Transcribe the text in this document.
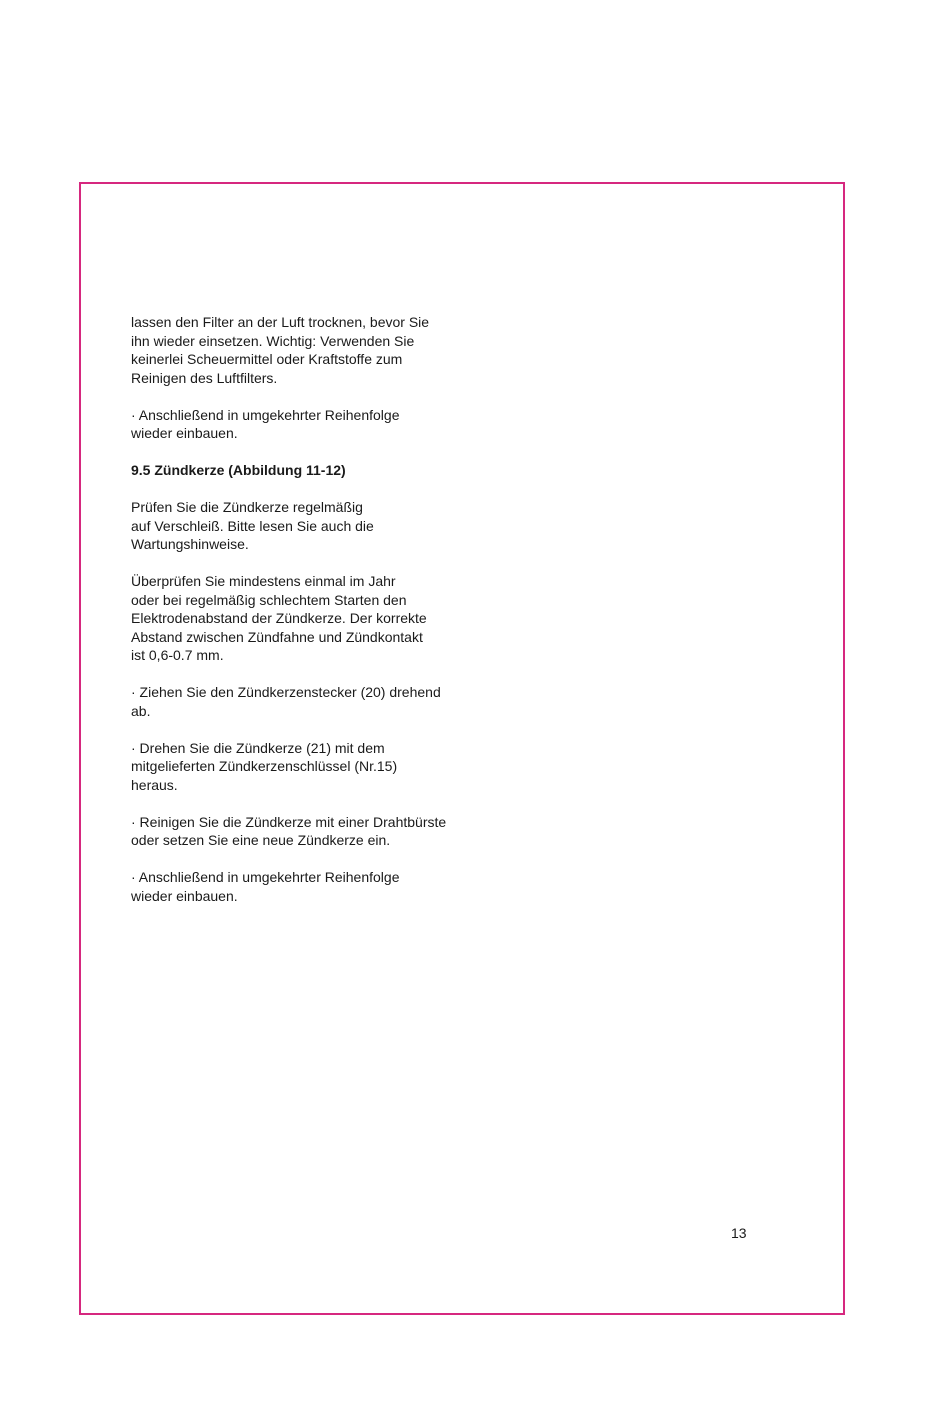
lassen den Filter an der Luft trocknen, bevor Sie
ihn wieder einsetzen. Wichtig: Verwenden Sie
keinerlei Scheuermittel oder Kraftstoffe zum
Reinigen des Luftfilters.

· Anschließend in umgekehrter Reihenfolge
wieder einbauen.

9.5 Zündkerze (Abbildung 11-12)

Prüfen Sie die Zündkerze regelmäßig
auf Verschleiß. Bitte lesen Sie auch die
Wartungshinweise.

Überprüfen Sie mindestens einmal im Jahr
oder bei regelmäßig schlechtem Starten den
Elektrodenabstand der Zündkerze. Der korrekte
Abstand zwischen Zündfahne und Zündkontakt
ist 0,6-0.7 mm.

· Ziehen Sie den Zündkerzenstecker (20) drehend
ab.

· Drehen Sie die Zündkerze (21) mit dem
mitgelieferten Zündkerzenschlüssel (Nr.15)
heraus.

· Reinigen Sie die Zündkerze mit einer Drahtbürste
oder setzen Sie eine neue Zündkerze ein.

· Anschließend in umgekehrter Reihenfolge
wieder einbauen.

13
